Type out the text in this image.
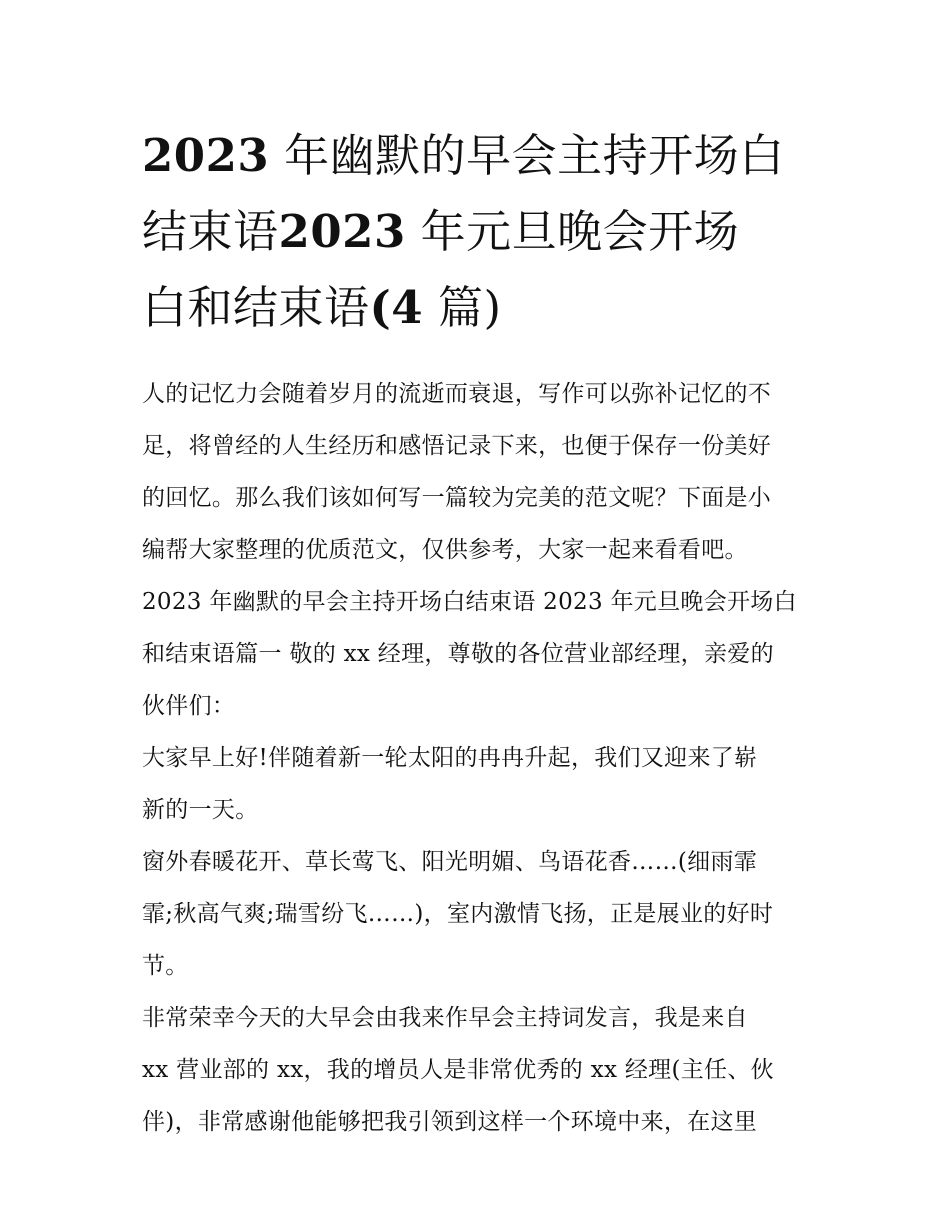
2023 年幽默的早会主持开场白
结束语2023 年元旦晚会开场
白和结束语(4 篇)

人的记忆力会随着岁月的流逝而衰退，写作可以弥补记忆的不
足，将曾经的人生经历和感悟记录下来，也便于保存一份美好
的回忆。那么我们该如何写一篇较为完美的范文呢？下面是小
编帮大家整理的优质范文，仅供参考，大家一起来看看吧。

2023 年幽默的早会主持开场白结束语 2023 年元旦晚会开场白
和结束语篇一 敬的 xx 经理，尊敬的各位营业部经理，亲爱的
伙伴们：

大家早上好!伴随着新一轮太阳的冉冉升起，我们又迎来了崭
新的一天。

窗外春暖花开、草长莺飞、阳光明媚、鸟语花香……(细雨霏
霏;秋高气爽;瑞雪纷飞……)，室内激情飞扬，正是展业的好时
节。

非常荣幸今天的大早会由我来作早会主持词发言，我是来自
xx 营业部的 xx，我的增员人是非常优秀的 xx 经理(主任、伙
伴)，非常感谢他能够把我引领到这样一个环境中来，在这里
